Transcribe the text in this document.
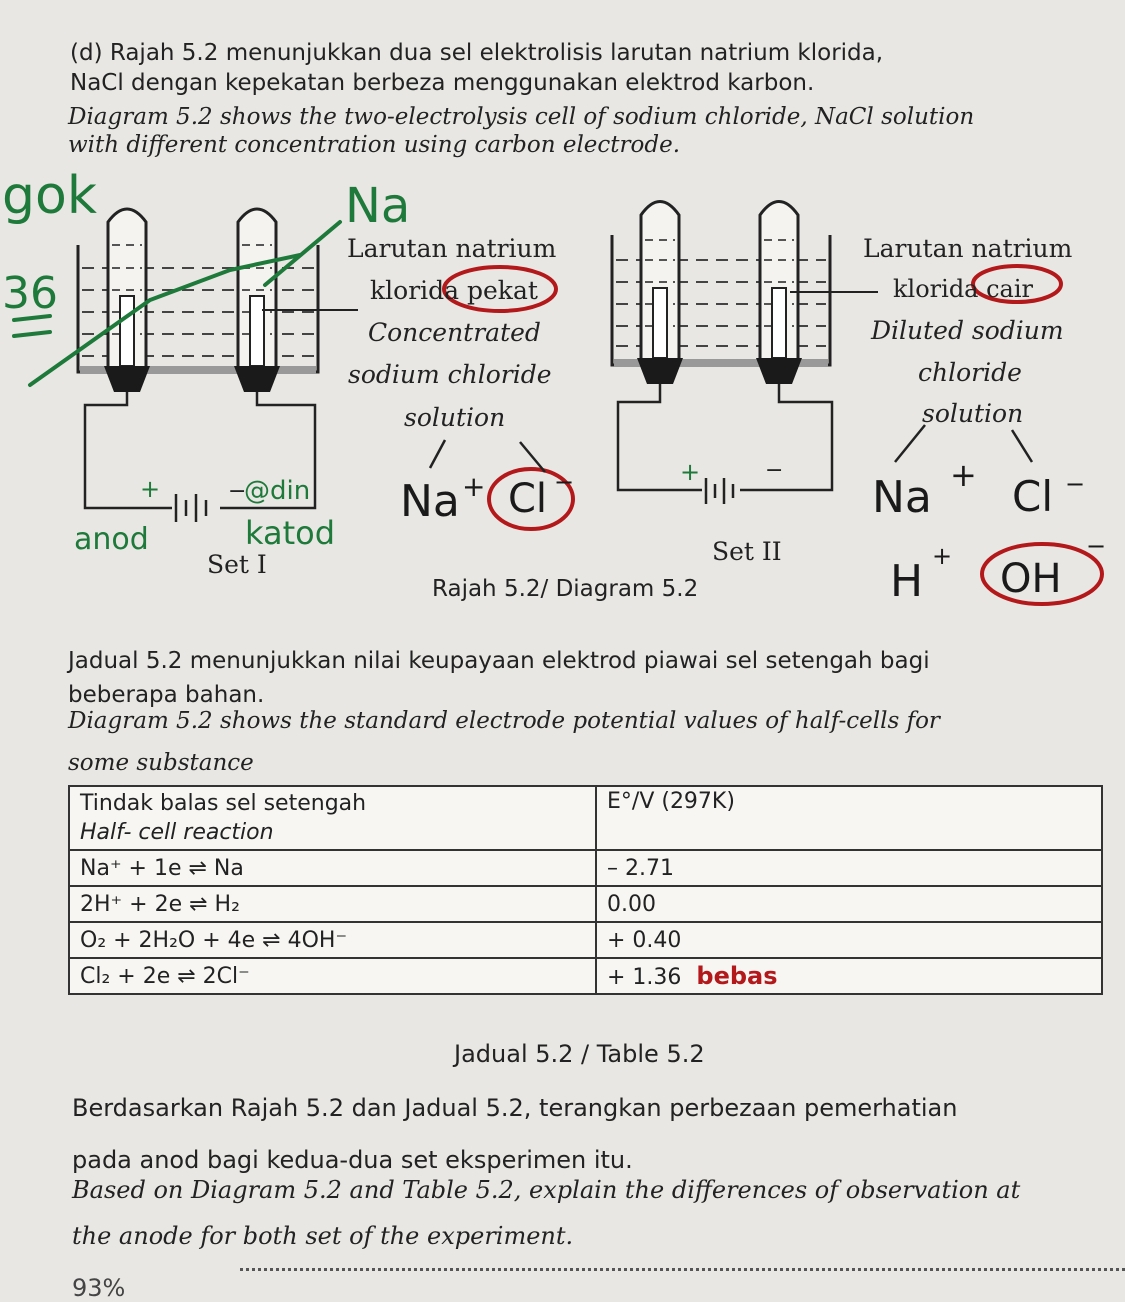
(d) Rajah 5.2 menunjukkan dua sel elektrolisis larutan natrium klorida,
NaCl dengan kepekatan berbeza menggunakan elektrod karbon.
Diagram 5.2 shows the two-electrolysis cell of sodium chloride, NaCl solution
with different concentration using carbon electrode.
Larutan natrium
klorida pekat
Concentrated
sodium chloride
solution
+	−
Set I
Larutan natrium
klorida cair
Diluted sodium
chloride
solution
+	−
Set II
Rajah 5.2/ Diagram 5.2
gok
36
Na
@din
anod	katod
Na + Cl −	Na + Cl −
H + OH
−
Jadual 5.2 menunjukkan nilai keupayaan elektrod piawai sel setengah bagi
beberapa bahan.
Diagram 5.2 shows the standard electrode potential values of half-cells for
some substance
Tindak balas sel setengah
Half- cell reaction	E°/V (297K)
Na⁺ + 1e ⇌ Na	– 2.71
2H⁺ + 2e ⇌ H₂	0.00
O₂ + 2H₂O + 4e ⇌ 4OH⁻	+ 0.40
Cl₂ + 2e ⇌ 2Cl⁻	+ 1.36 bebas
Jadual 5.2 / Table 5.2
Berdasarkan Rajah 5.2 dan Jadual 5.2, terangkan perbezaan pemerhatian
pada anod bagi kedua-dua set eksperimen itu.
Based on Diagram 5.2 and Table 5.2, explain the differences of observation at
the anode for both set of the experiment.
93%
